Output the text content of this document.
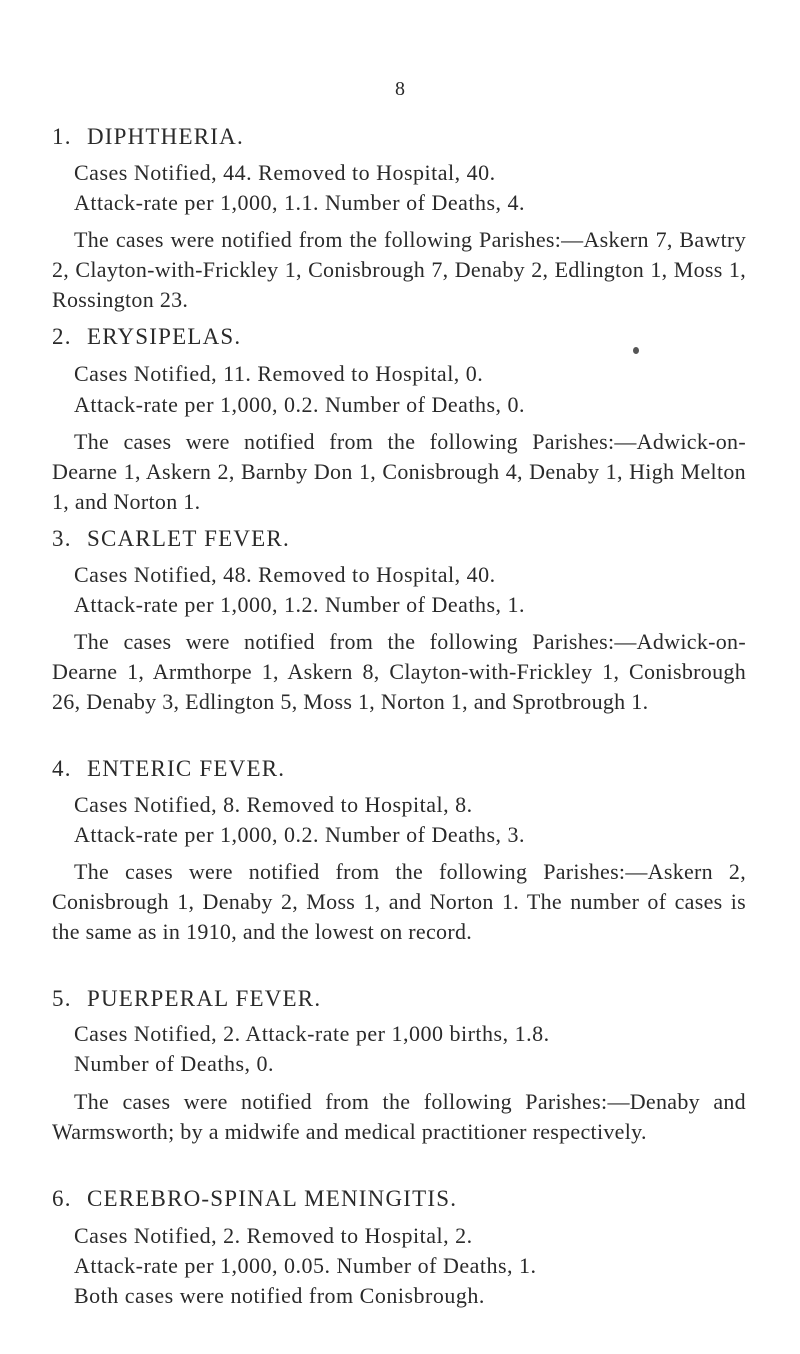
8
1. DIPHTHERIA.
Cases Notified, 44. Removed to Hospital, 40.
Attack-rate per 1,000, 1.1. Number of Deaths, 4.

The cases were notified from the following Parishes:—Askern 7, Bawtry 2, Clayton-with-Frickley 1, Conisbrough 7, Denaby 2, Edlington 1, Moss 1, Rossington 23.

2. ERYSIPELAS.
Cases Notified, 11. Removed to Hospital, 0.
Attack-rate per 1,000, 0.2. Number of Deaths, 0.

The cases were notified from the following Parishes:—Adwick-on-Dearne 1, Askern 2, Barnby Don 1, Conisbrough 4, Denaby 1, High Melton 1, and Norton 1.

3. SCARLET FEVER.
Cases Notified, 48. Removed to Hospital, 40.
Attack-rate per 1,000, 1.2. Number of Deaths, 1.

The cases were notified from the following Parishes:—Adwick-on-Dearne 1, Armthorpe 1, Askern 8, Clayton-with-Frickley 1, Conisbrough 26, Denaby 3, Edlington 5, Moss 1, Norton 1, and Sprotbrough 1.

4. ENTERIC FEVER.
Cases Notified, 8. Removed to Hospital, 8.
Attack-rate per 1,000, 0.2. Number of Deaths, 3.

The cases were notified from the following Parishes:—Askern 2, Conisbrough 1, Denaby 2, Moss 1, and Norton 1. The number of cases is the same as in 1910, and the lowest on record.

5. PUERPERAL FEVER.
Cases Notified, 2. Attack-rate per 1,000 births, 1.8.
Number of Deaths, 0.

The cases were notified from the following Parishes:—Denaby and Warmsworth; by a midwife and medical practitioner respectively.

6. CEREBRO-SPINAL MENINGITIS.
Cases Notified, 2. Removed to Hospital, 2.
Attack-rate per 1,000, 0.05. Number of Deaths, 1.
Both cases were notified from Conisbrough.
